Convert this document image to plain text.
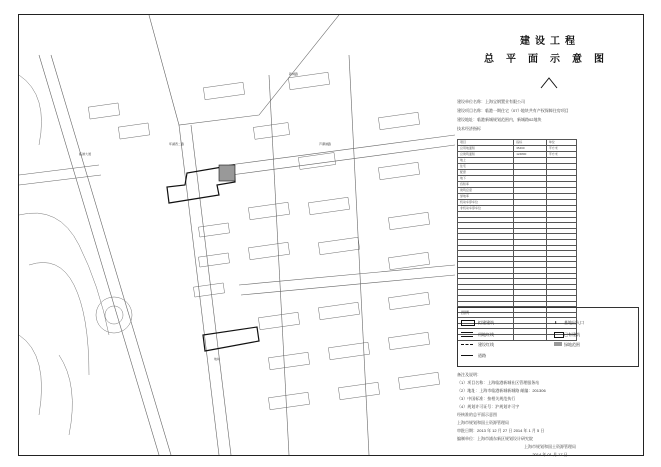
新城路
临港大道
环湖西二路	芦潮港路
地块
建设工程
总平面示意图
建设单位名称：上海宝钢置业有限公司
建设项目名称：临港一期住宅（07）·地块共有产权保障住房项目
建设地址：临港新城规划范围内，新城路02地块
技术经济指标
项目	指标	单位
总用地面积	35460	平方米
总建筑面积	124800	平方米
地上		
住宅		
配套		
地下		
容积率		
建筑密度		
绿地率		
机动车停车位		
非机动车停车位		

图例
拟建建筑	⬇ 基地出入口
用地红线	已有建筑
建设红线	绿地范围
道路
备注及说明：
（1）项目名称：上海临港新城社区管理服务站
（2）地址：上海市临港新城新城路 邮编：201306
（3）中国标准：按相关规范执行
（4）规划许可证号：沪规划许可字
经核准的总平面示意图
上海市规划和国土资源管理局
审批日期：2013 年 12 月 27 日 2014 年 1 月 5 日
编制单位：上海市浦东新区规划设计研究院
上海市规划和国土资源管理局
2014 年 01 月 17 日
